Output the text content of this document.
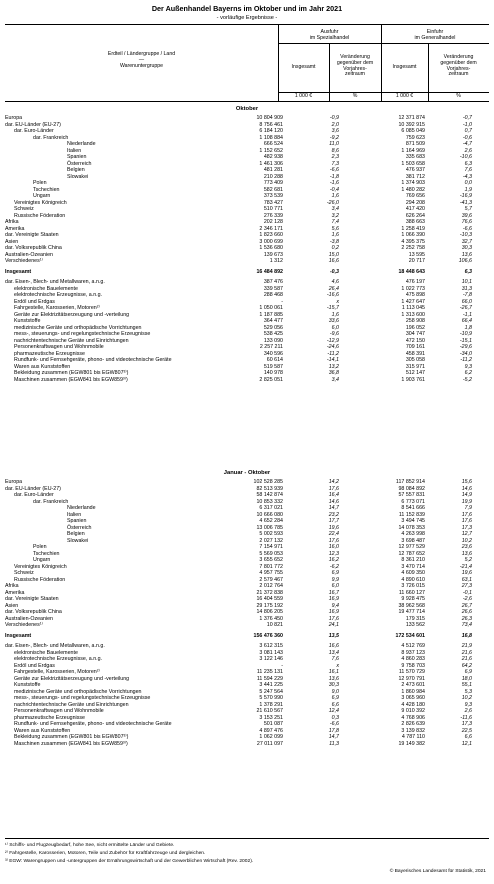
Der Außenhandel Bayerns im Oktober und im Jahr 2021
- vorläufige Ergebnisse -
Erdteil / Ländergruppe / Land
—
Warenuntergruppe
Ausfuhr
im Spezialhandel
Einfuhr
im Generalhandel
Insgesamt
Veränderung
gegenüber dem
Vorjahres-
zeitraum
Insgesamt
Veränderung
gegenüber dem
Vorjahres-
zeitraum
1 000 €	%	1 000 €	%
Oktober
Europa	10 804 909	-0,9	12 371 874	-0,7
dar. EU-Länder (EU-27)	8 756 461	2,0	10 392 915	-1,0
dar. Euro-Länder	6 184 120	3,6	6 085 049	0,7
dar. Frankreich	1 108 884	-9,2	759 623	-0,6
Niederlande	666 524	11,0	871 509	-4,7
Italien	1 152 652	8,6	1 164 969	2,6
Spanien	482 938	2,3	335 683	-10,6
Österreich	1 461 306	7,3	1 503 658	6,3
Belgien	481 281	-6,6	476 937	7,6
Slowakei	210 288	-1,8	381 712	-4,3
Polen	773 409	-1,6	1 374 903	0,0
Tschechien	582 681	-0,4	1 480 282	1,9
Ungarn	373 539	1,6	769 656	-16,9
Vereinigtes Königreich	783 427	-26,0	294 208	-41,3
Schweiz	510 771	3,4	417 420	5,7
Russische Föderation	276 339	3,2	626 264	39,6
Afrika	202 128	7,4	388 663	76,6
Amerika	2 346 171	5,6	1 258 419	-6,6
dar. Vereinigte Staaten	1 823 660	1,6	1 066 390	-10,3
Asien	3 000 699	-3,8	4 395 375	32,7
dar. Volksrepublik China	1 536 680	0,2	2 252 758	30,3
Australien-Ozeanien	139 673	15,0	13 595	13,6
Verschiedenes¹⁾	1 312	16,6	20 717	106,6
Insgesamt	16 484 892	-0,3	18 448 643	6,3
dar. Eisen-, Blech- und Metallwaren, a.n.g.	387 476	4,6	476 197	10,1
elektronische Bauelemente	339 587	26,4	1 022 773	31,3
elektrotechnische Erzeugnisse, a.n.g.	288 468	-16,6	475 898	-7,8
Erdöl und Erdgas	-	x	1 427 647	66,0
Fahrgestelle, Karosserien, Motoren²⁾	1 050 061	-15,7	1 113 045	-26,7
Geräte zur Elektrizitätserzeugung und -verteilung	1 187 885	1,6	1 313 600	-1,1
Kunststoffe	364 477	33,6	258 908	66,4
medizinische Geräte und orthopädische Vorrichtungen	529 056	6,0	196 052	1,8
mess-, steuerungs- und regelungstechnische Erzeugnisse	538 425	-9,6	304 747	-10,9
nachrichtentechnische Geräte und Einrichtungen	133 090	-12,9	472 150	-15,1
Personenkraftwagen und Wohnmobile	2 257 211	-24,6	709 161	-29,6
pharmazeutische Erzeugnisse	340 596	-11,2	458 391	-34,0
Rundfunk- und Fernsehgeräte, phono- und videotechnische Geräte	60 614	-14,1	305 058	-11,2
Waren aus Kunststoffen	519 587	13,2	315 971	9,3
Bekleidung zusammen (EGW801 bis EGW807³⁾)	140 978	36,8	512 147	6,2
Maschinen zusammen (EGW841 bis EGW859³⁾)	2 825 051	3,4	1 903 761	-5,2
Januar - Oktober
Europa	102 528 285	14,2	117 852 914	15,6
dar. EU-Länder (EU-27)	82 513 939	17,6	98 084 892	14,6
dar. Euro-Länder	58 142 874	16,4	57 557 831	14,9
dar. Frankreich	10 853 332	14,6	6 773 071	19,9
Niederlande	6 317 021	14,7	8 541 666	7,9
Italien	10 666 080	23,2	11 152 839	17,6
Spanien	4 652 284	17,7	3 494 745	17,6
Österreich	13 006 785	19,6	14 078 353	17,3
Belgien	5 002 593	22,4	4 263 998	12,7
Slowakei	2 027 132	17,6	3 698 487	10,2
Polen	7 154 971	16,0	12 977 529	23,6
Tschechien	5 569 053	12,3	12 787 652	13,6
Ungarn	3 655 652	16,2	8 361 210	5,2
Vereinigtes Königreich	7 801 772	-6,2	3 470 714	-21,4
Schweiz	4 957 755	6,9	4 609 350	19,6
Russische Föderation	2 579 467	9,9	4 890 610	63,1
Afrika	2 012 764	6,0	3 726 015	27,3
Amerika	21 372 838	16,7	11 660 127	-0,1
dar. Vereinigte Staaten	16 404 559	16,9	9 928 475	-2,6
Asien	29 175 192	9,4	38 962 568	26,7
dar. Volksrepublik China	14 806 205	16,9	19 477 714	26,6
Australien-Ozeanien	1 376 450	17,6	179 315	26,3
Verschiedenes¹⁾	10 821	24,1	133 562	73,4
Insgesamt	156 476 360	13,5	172 534 601	16,8
dar. Eisen-, Blech- und Metallwaren, a.n.g.	3 612 315	16,6	4 512 769	21,9
elektronische Bauelemente	3 081 143	13,4	8 937 123	21,6
elektrotechnische Erzeugnisse, a.n.g.	3 122 146	7,6	4 860 283	21,6
Erdöl und Erdgas	-	x	9 758 703	64,2
Fahrgestelle, Karosserien, Motoren²⁾	11 235 131	16,1	11 570 729	6,9
Geräte zur Elektrizitätserzeugung und -verteilung	11 594 229	13,6	12 970 791	18,0
Kunststoffe	3 441 225	30,3	2 473 601	55,1
medizinische Geräte und orthopädische Vorrichtungen	5 247 564	9,0	1 860 984	5,3
mess-, steuerungs- und regelungstechnische Erzeugnisse	5 570 990	6,9	3 065 960	10,2
nachrichtentechnische Geräte und Einrichtungen	1 378 291	6,6	4 428 180	9,3
Personenkraftwagen und Wohnmobile	21 610 567	12,4	9 010 392	2,6
pharmazeutische Erzeugnisse	3 153 251	0,3	4 768 906	-11,6
Rundfunk- und Fernsehgeräte, phono- und videotechnische Geräte	501 087	-6,6	2 826 639	17,3
Waren aus Kunststoffen	4 897 476	17,8	3 139 832	22,5
Bekleidung zusammen (EGW801 bis EGW807³⁾)	1 062 099	14,7	4 787 110	6,6
Maschinen zusammen (EGW841 bis EGW859³⁾)	27 011 097	11,3	19 149 382	12,1
¹⁾ Schiffs- und Flugzeugbedarf, hohe See, nicht ermittelte Länder und Gebiete.
²⁾ Fahrgestelle, Karosserien, Motoren, Teile und Zubehör für Kraftfahrzeuge und dergleichen.
³⁾ EGW: Warengruppen und -untergruppen der Ernährungswirtschaft und der Gewerblichen Wirtschaft (Rev. 2002).
© Bayerisches Landesamt für Statistik, 2021
